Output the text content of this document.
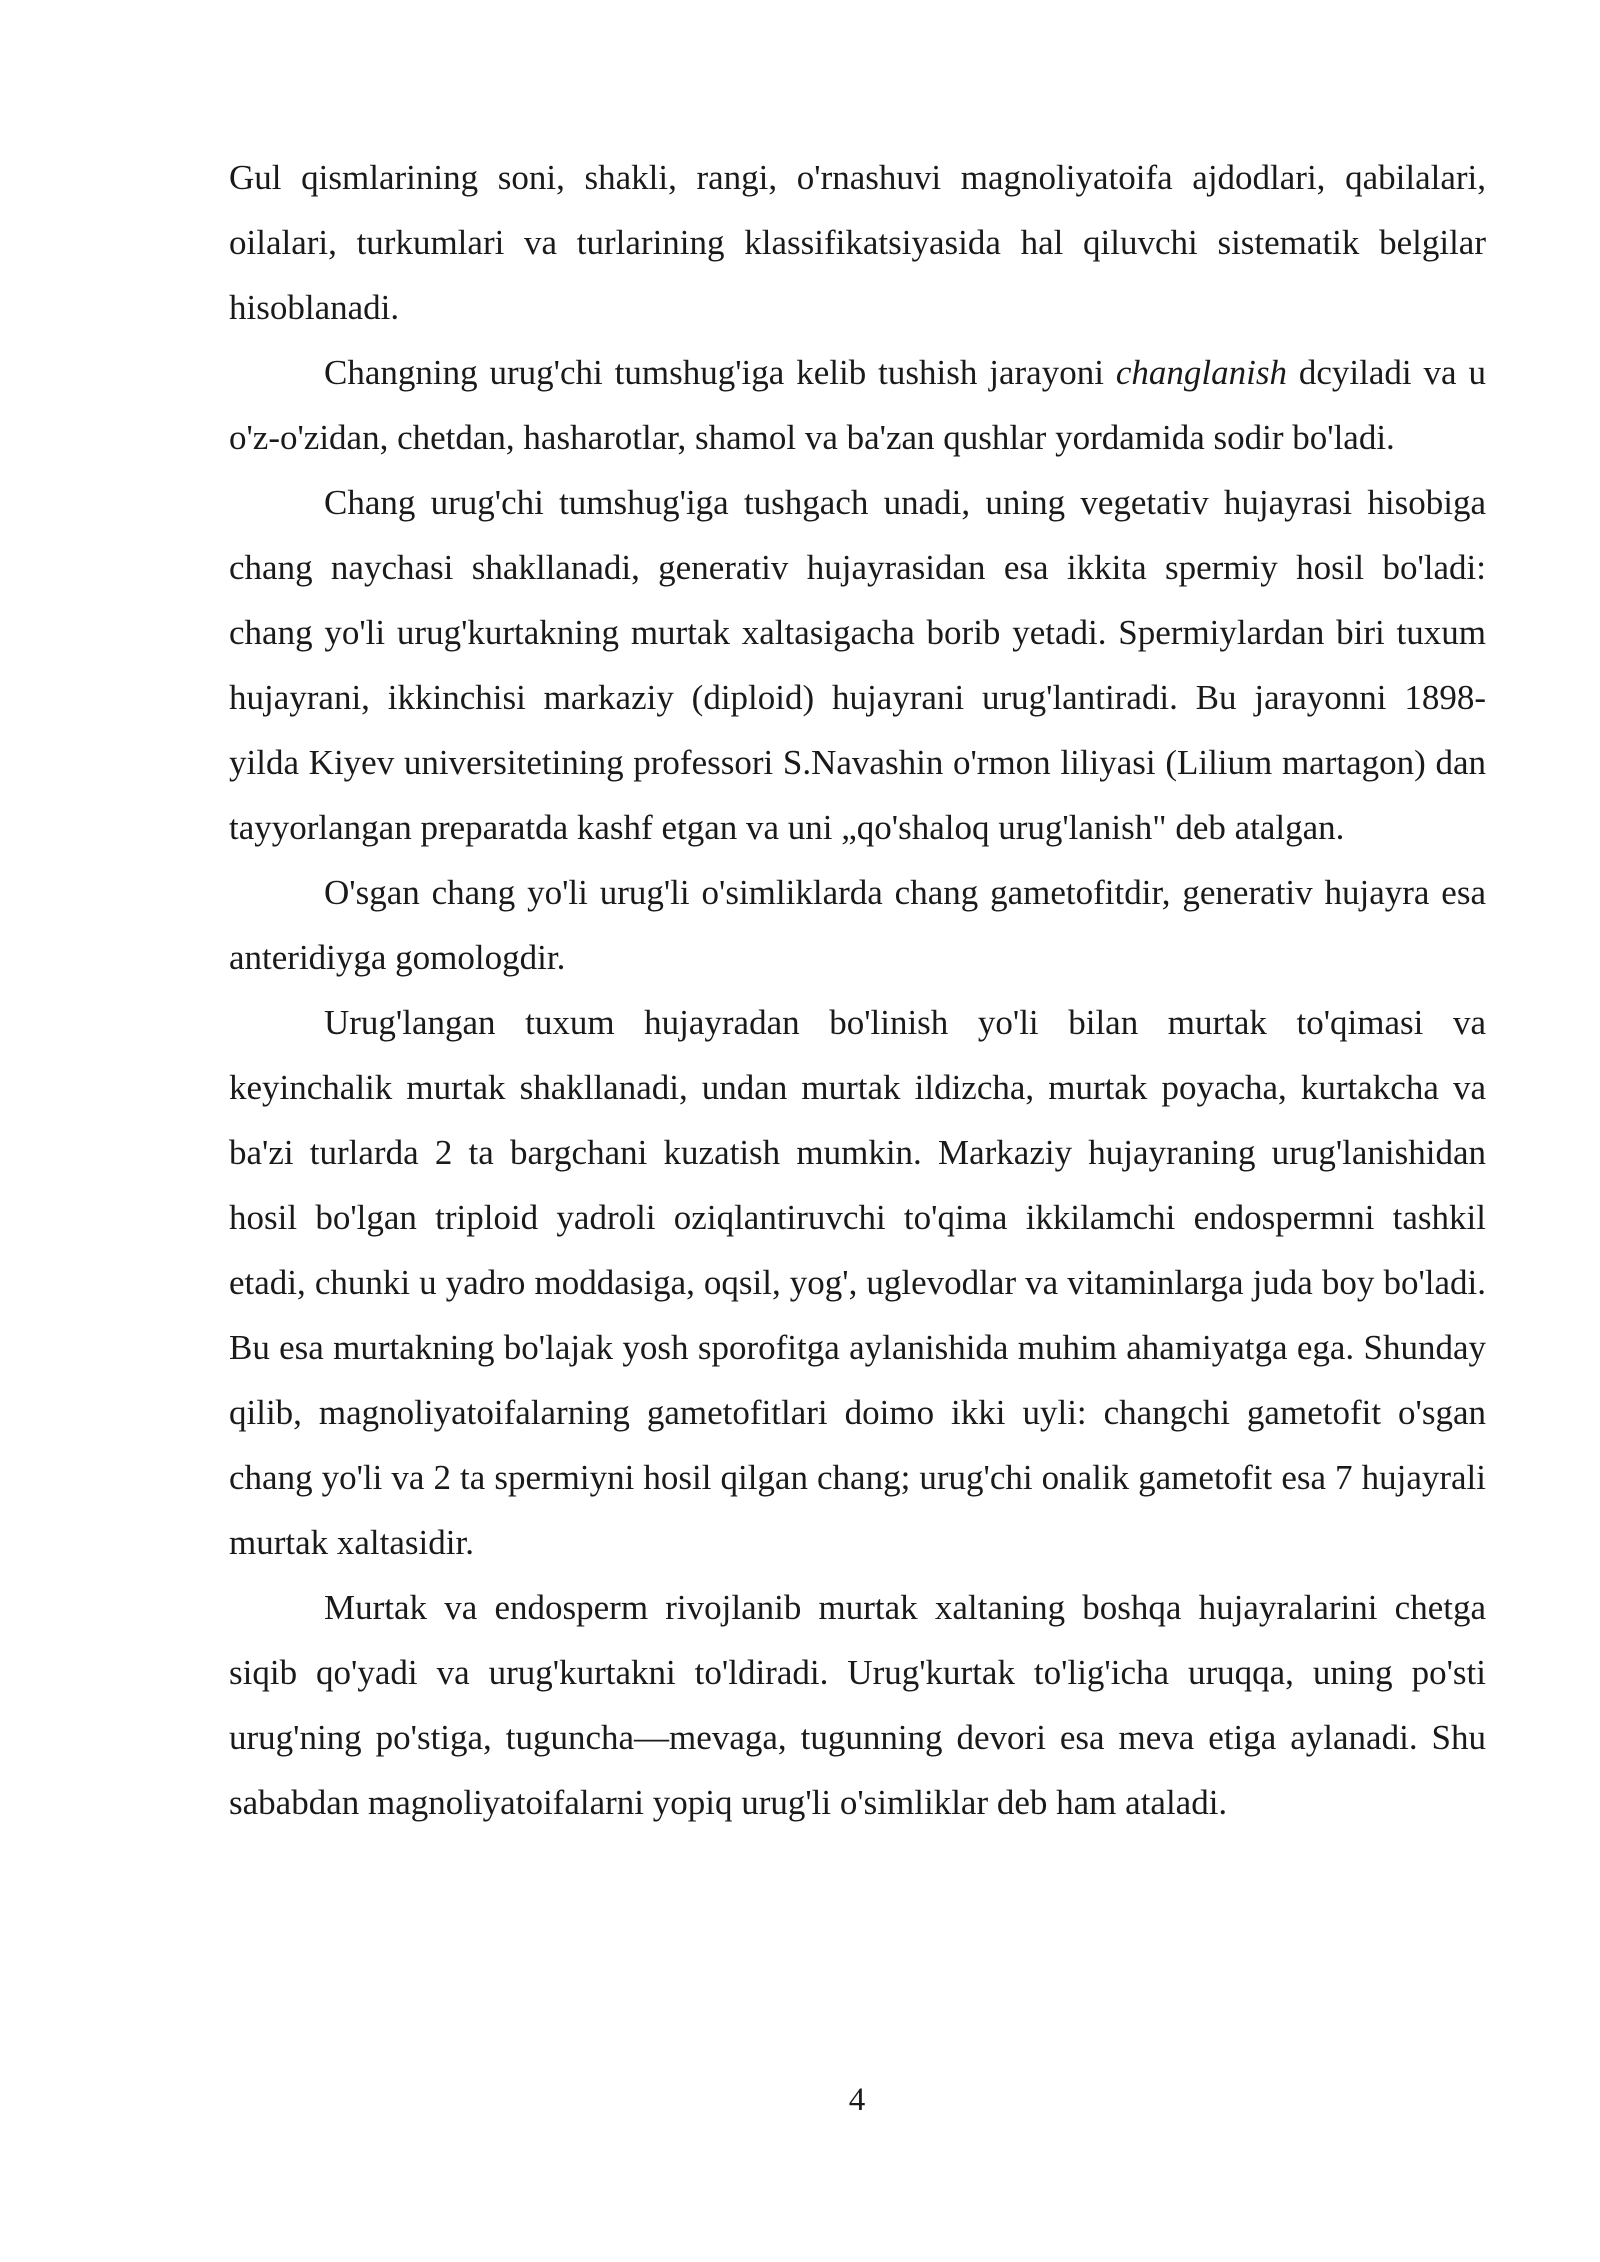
Gul qismlarining soni, shakli, rangi, o'rnashuvi magnoliyatoifa ajdodlari, qabilalari, oilalari, turkumlari va turlarining klassifikatsiyasida hal qiluvchi sistematik belgilar hisoblanadi.

Changning urug'chi tumshug'iga kelib tushish jarayoni changlanish dcyiladi va u o'z-o'zidan, chetdan, hasharotlar, shamol va ba'zan qushlar yordamida sodir bo'ladi.

Chang urug'chi tumshug'iga tushgach unadi, uning vegetativ hujayrasi hisobiga chang naychasi shakllanadi, generativ hujayrasidan esa ikkita spermiy hosil bo'ladi: chang yo'li urug'kurtakning murtak xaltasigacha borib yetadi. Spermiylardan biri tuxum hujayrani, ikkinchisi markaziy (diploid) hujayrani urug'lantiradi. Bu jarayonni 1898- yilda Kiyev universitetining professori S.Navashin o'rmon liliyasi (Lilium martagon) dan tayyorlangan preparatda kashf etgan va uni „qo'shaloq urug'lanish" deb atalgan.

O'sgan chang yo'li urug'li o'simliklarda chang gametofitdir, generativ hujayra esa anteridiyga gomologdir.

Urug'langan tuxum hujayradan bo'linish yo'li bilan murtak to'qimasi va keyinchalik murtak shakllanadi, undan murtak ildizcha, murtak poyacha, kurtakcha va ba'zi turlarda 2 ta bargchani kuzatish mumkin. Markaziy hujayraning urug'lanishidan hosil bo'lgan triploid yadroli oziqlantiruvchi to'qima ikkilamchi endospermni tashkil etadi, chunki u yadro moddasiga, oqsil, yog', uglevodlar va vitaminlarga juda boy bo'ladi. Bu esa murtakning bo'lajak yosh sporofitga aylanishida muhim ahamiyatga ega. Shunday qilib, magnoliyatoifalarning gametofitlari doimo ikki uyli: changchi gametofit o'sgan chang yo'li va 2 ta spermiyni hosil qilgan chang; urug'chi onalik gametofit esa 7 hujayrali murtak xaltasidir.

Murtak va endosperm rivojlanib murtak xaltaning boshqa hujayralarini chetga siqib qo'yadi va urug'kurtakni to'ldiradi. Urug'kurtak to'lig'icha uruqqa, uning po'sti urug'ning po'stiga, tuguncha—mevaga, tugunning devori esa meva etiga aylanadi. Shu sababdan magnoliyatoifalarni yopiq urug'li o'simliklar deb ham ataladi.

4
